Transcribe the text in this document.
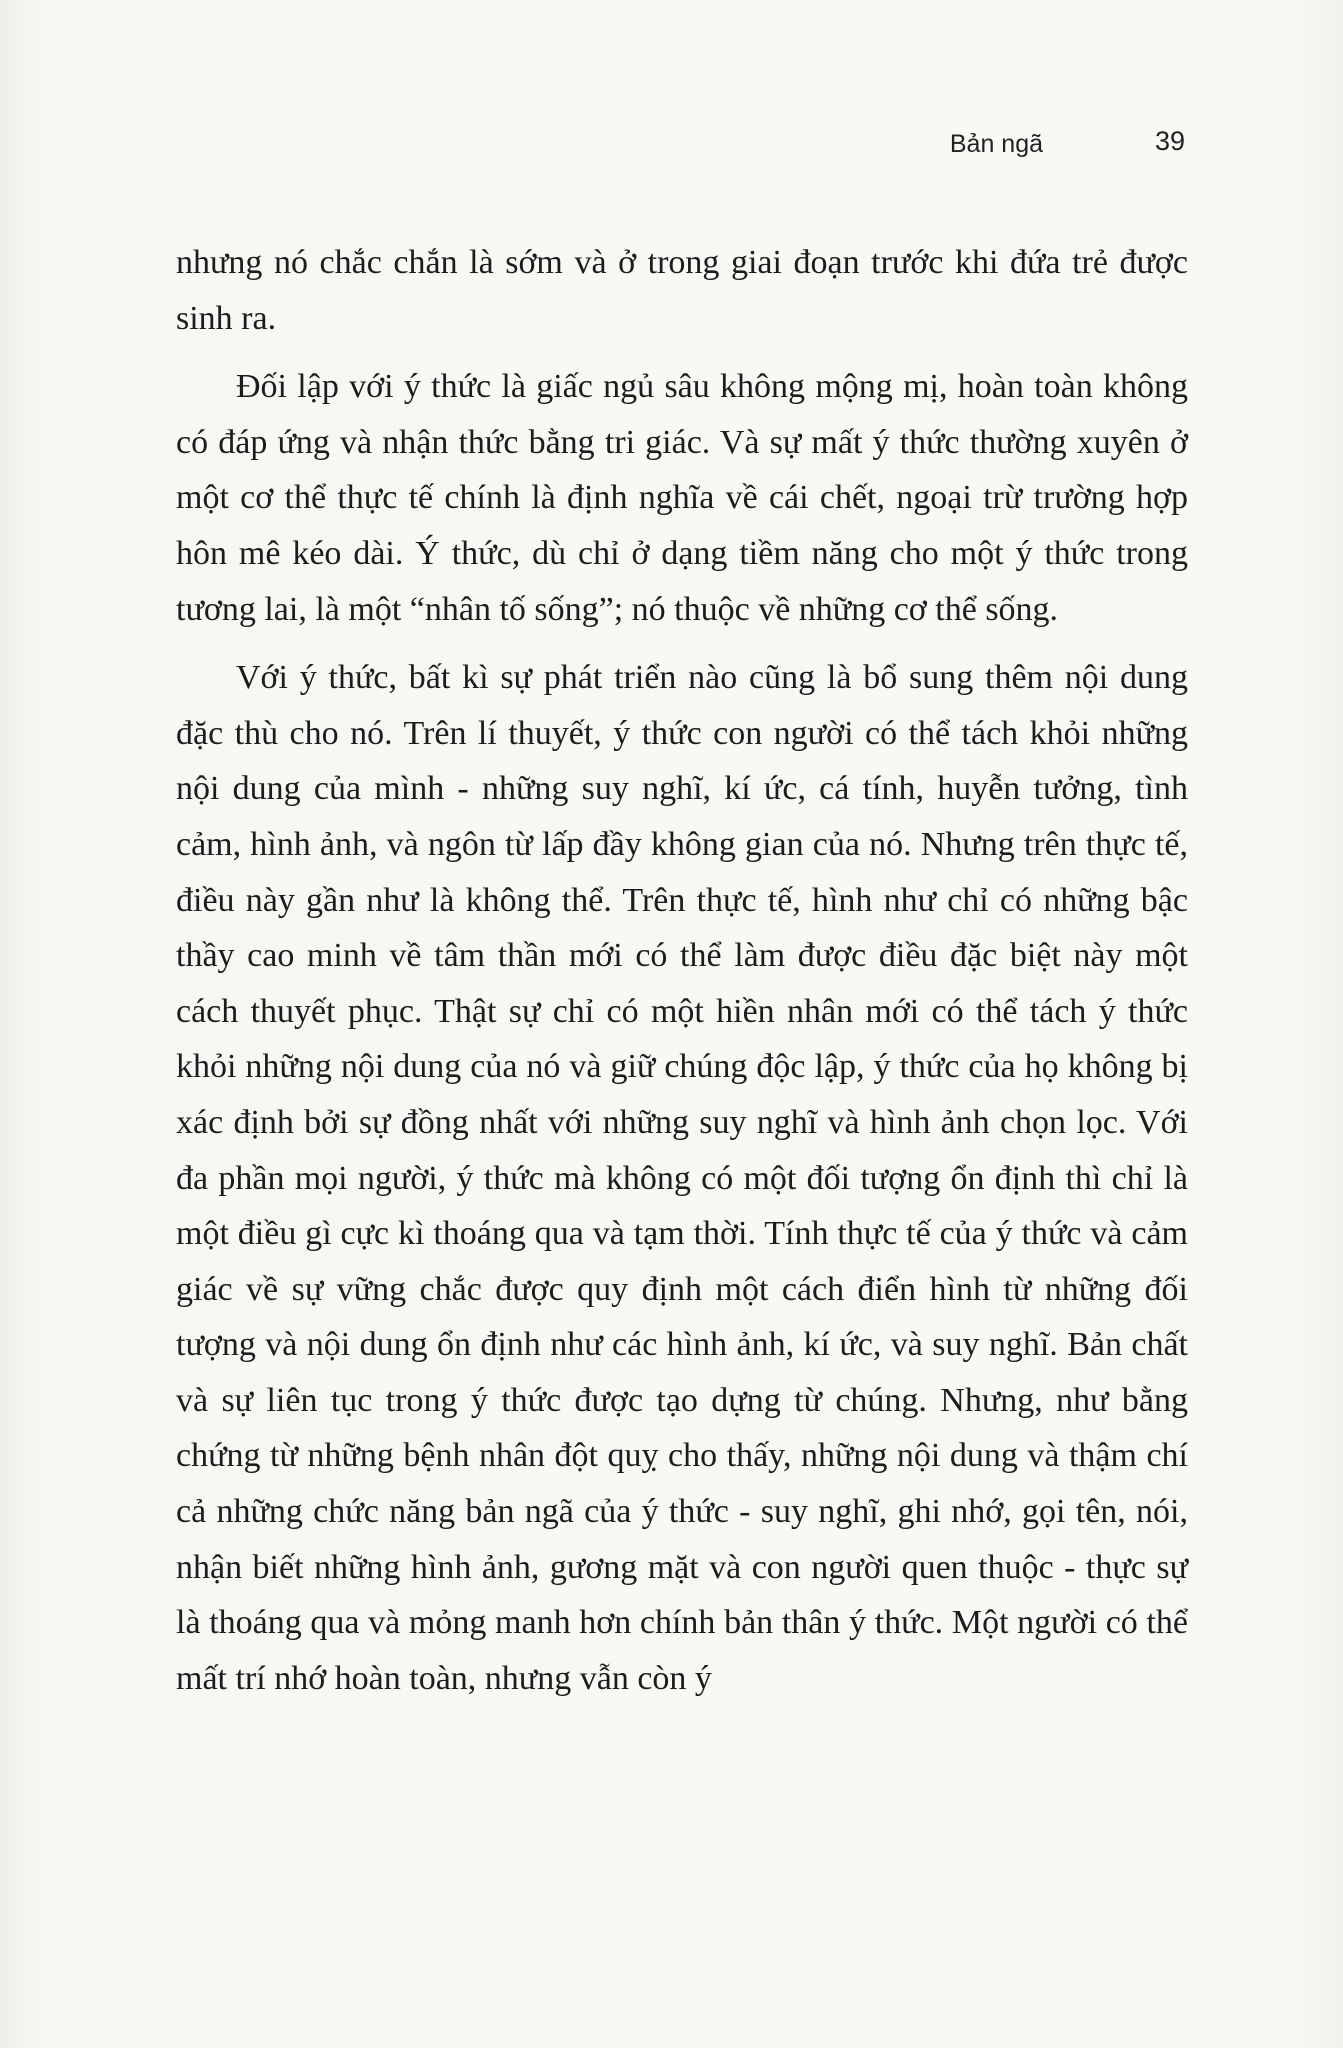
Bản ngã	39

nhưng nó chắc chắn là sớm và ở trong giai đoạn trước khi đứa trẻ được sinh ra.

Đối lập với ý thức là giấc ngủ sâu không mộng mị, hoàn toàn không có đáp ứng và nhận thức bằng tri giác. Và sự mất ý thức thường xuyên ở một cơ thể thực tế chính là định nghĩa về cái chết, ngoại trừ trường hợp hôn mê kéo dài. Ý thức, dù chỉ ở dạng tiềm năng cho một ý thức trong tương lai, là một “nhân tố sống”; nó thuộc về những cơ thể sống.

Với ý thức, bất kì sự phát triển nào cũng là bổ sung thêm nội dung đặc thù cho nó. Trên lí thuyết, ý thức con người có thể tách khỏi những nội dung của mình - những suy nghĩ, kí ức, cá tính, huyễn tưởng, tình cảm, hình ảnh, và ngôn từ lấp đầy không gian của nó. Nhưng trên thực tế, điều này gần như là không thể. Trên thực tế, hình như chỉ có những bậc thầy cao minh về tâm thần mới có thể làm được điều đặc biệt này một cách thuyết phục. Thật sự chỉ có một hiền nhân mới có thể tách ý thức khỏi những nội dung của nó và giữ chúng độc lập, ý thức của họ không bị xác định bởi sự đồng nhất với những suy nghĩ và hình ảnh chọn lọc. Với đa phần mọi người, ý thức mà không có một đối tượng ổn định thì chỉ là một điều gì cực kì thoáng qua và tạm thời. Tính thực tế của ý thức và cảm giác về sự vững chắc được quy định một cách điển hình từ những đối tượng và nội dung ổn định như các hình ảnh, kí ức, và suy nghĩ. Bản chất và sự liên tục trong ý thức được tạo dựng từ chúng. Nhưng, như bằng chứng từ những bệnh nhân đột quỵ cho thấy, những nội dung và thậm chí cả những chức năng bản ngã của ý thức - suy nghĩ, ghi nhớ, gọi tên, nói, nhận biết những hình ảnh, gương mặt và con người quen thuộc - thực sự là thoáng qua và mỏng manh hơn chính bản thân ý thức. Một người có thể mất trí nhớ hoàn toàn, nhưng vẫn còn ý
